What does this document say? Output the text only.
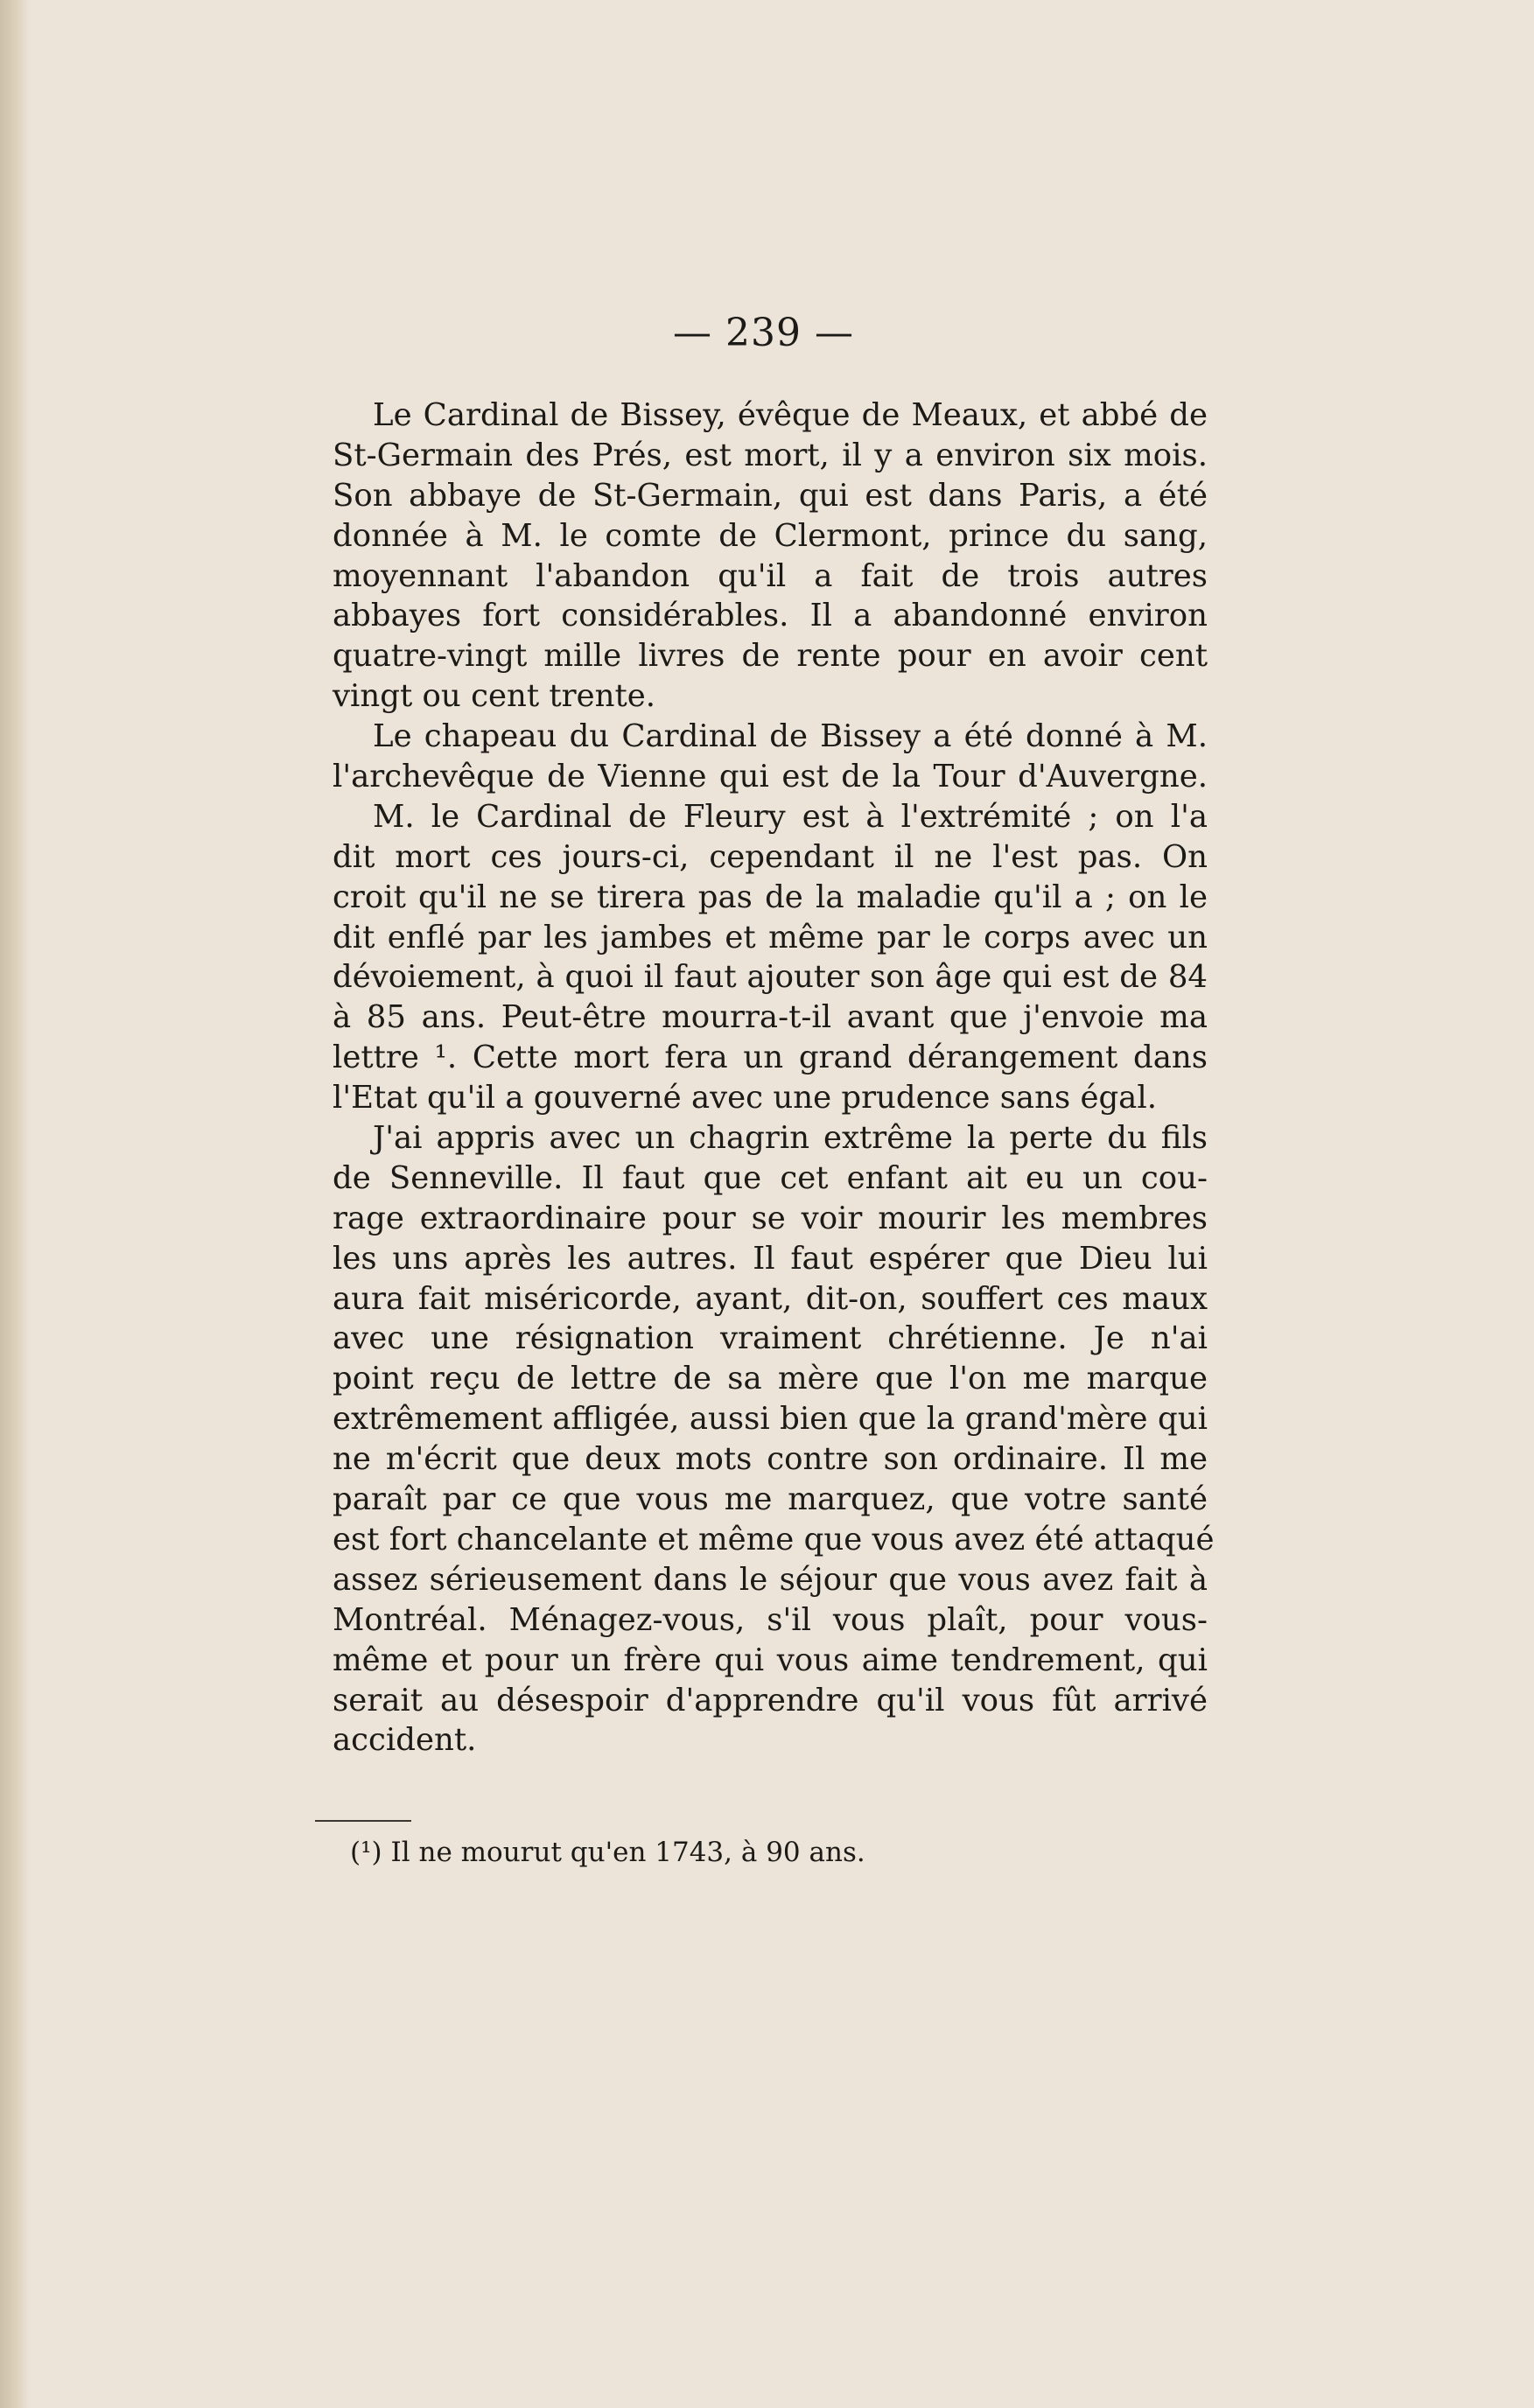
— 239 —

Le Cardinal de Bissey, évêque de Meaux, et abbé de
St-Germain des Prés, est mort, il y a environ six mois.
Son abbaye de St-Germain, qui est dans Paris, a été
donnée à M. le comte de Clermont, prince du sang,
moyennant l'abandon qu'il a fait de trois autres
abbayes fort considérables. Il a abandonné environ
quatre-vingt mille livres de rente pour en avoir cent
vingt ou cent trente.

Le chapeau du Cardinal de Bissey a été donné à M.
l'archevêque de Vienne qui est de la Tour d'Auvergne.

M. le Cardinal de Fleury est à l'extrémité ; on l'a
dit mort ces jours-ci, cependant il ne l'est pas. On
croit qu'il ne se tirera pas de la maladie qu'il a ; on le
dit enflé par les jambes et même par le corps avec un
dévoiement, à quoi il faut ajouter son âge qui est de 84
à 85 ans. Peut-être mourra-t-il avant que j'envoie ma
lettre ¹. Cette mort fera un grand dérangement dans
l'Etat qu'il a gouverné avec une prudence sans égal.

J'ai appris avec un chagrin extrême la perte du fils
de Senneville. Il faut que cet enfant ait eu un cou-
rage extraordinaire pour se voir mourir les membres
les uns après les autres. Il faut espérer que Dieu lui
aura fait miséricorde, ayant, dit-on, souffert ces maux
avec une résignation vraiment chrétienne. Je n'ai
point reçu de lettre de sa mère que l'on me marque
extrêmement affligée, aussi bien que la grand'mère qui
ne m'écrit que deux mots contre son ordinaire. Il me
paraît par ce que vous me marquez, que votre santé
est fort chancelante et même que vous avez été attaqué
assez sérieusement dans le séjour que vous avez fait à
Montréal. Ménagez-vous, s'il vous plaît, pour vous-
même et pour un frère qui vous aime tendrement, qui
serait au désespoir d'apprendre qu'il vous fût arrivé
accident.

(¹) Il ne mourut qu'en 1743, à 90 ans.
